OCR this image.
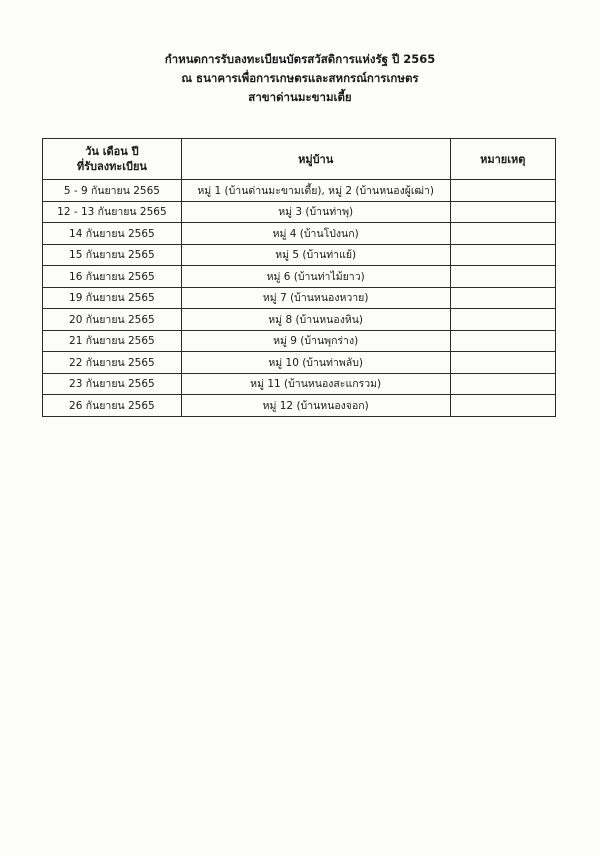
กำหนดการรับลงทะเบียนบัตรสวัสดิการแห่งรัฐ ปี 2565
ณ ธนาคารเพื่อการเกษตรและสหกรณ์การเกษตร
สาขาด่านมะขามเตี้ย
วัน เดือน ปี
ที่รับลงทะเบียน	หมู่บ้าน	หมายเหตุ
5 - 9 กันยายน 2565	หมู่ 1 (บ้านด่านมะขามเตี้ย), หมู่ 2 (บ้านหนองผู้เฒ่า)	
12 - 13 กันยายน 2565	หมู่ 3 (บ้านท่าพุ)	
14 กันยายน 2565	หมู่ 4 (บ้านโป่งนก)	
15 กันยายน 2565	หมู่ 5 (บ้านท่าแย้)	
16 กันยายน 2565	หมู่ 6 (บ้านท่าไม้ยาว)	
19 กันยายน 2565	หมู่ 7 (บ้านหนองหวาย)	
20 กันยายน 2565	หมู่ 8 (บ้านหนองหิน)	
21 กันยายน 2565	หมู่ 9 (บ้านพุกร่าง)	
22 กันยายน 2565	หมู่ 10 (บ้านท่าพลับ)	
23 กันยายน 2565	หมู่ 11 (บ้านหนองสะแกรวม)	
26 กันยายน 2565	หมู่ 12 (บ้านหนองจอก)	
